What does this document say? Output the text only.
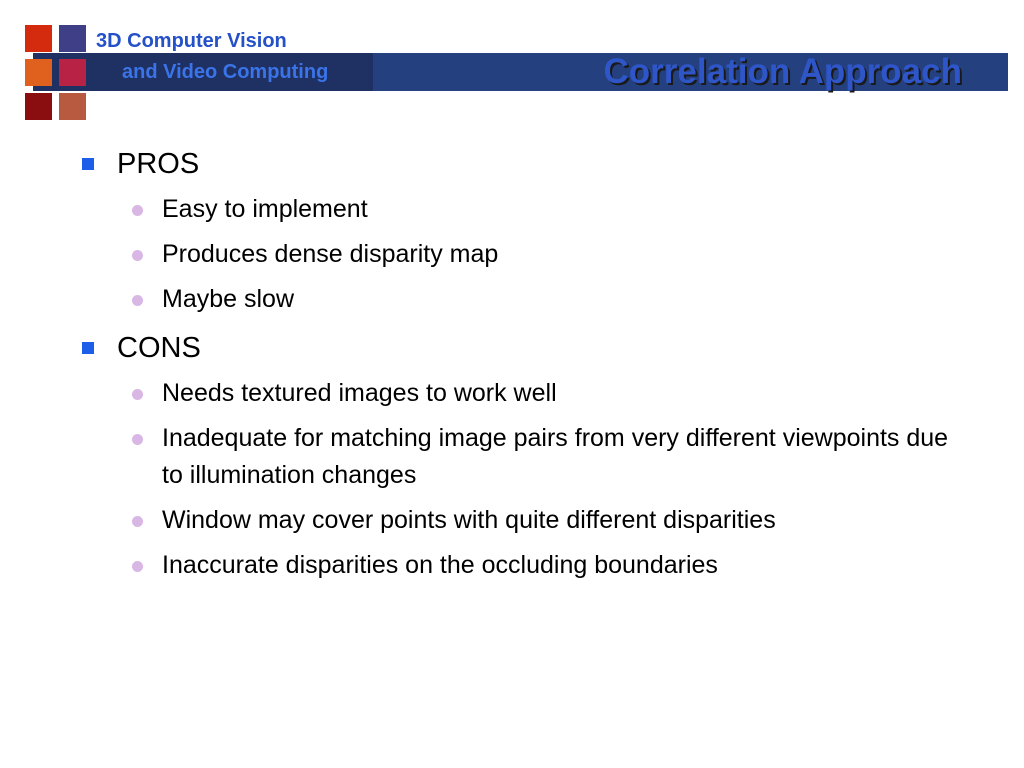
3D Computer Vision
and Video Computing	Correlation Approach
PROS
Easy to implement
Produces dense disparity map
Maybe slow
CONS
Needs textured images to work well
Inadequate for matching image pairs from very different viewpoints due to illumination changes
Window may cover points with quite different disparities
Inaccurate disparities on the occluding boundaries
